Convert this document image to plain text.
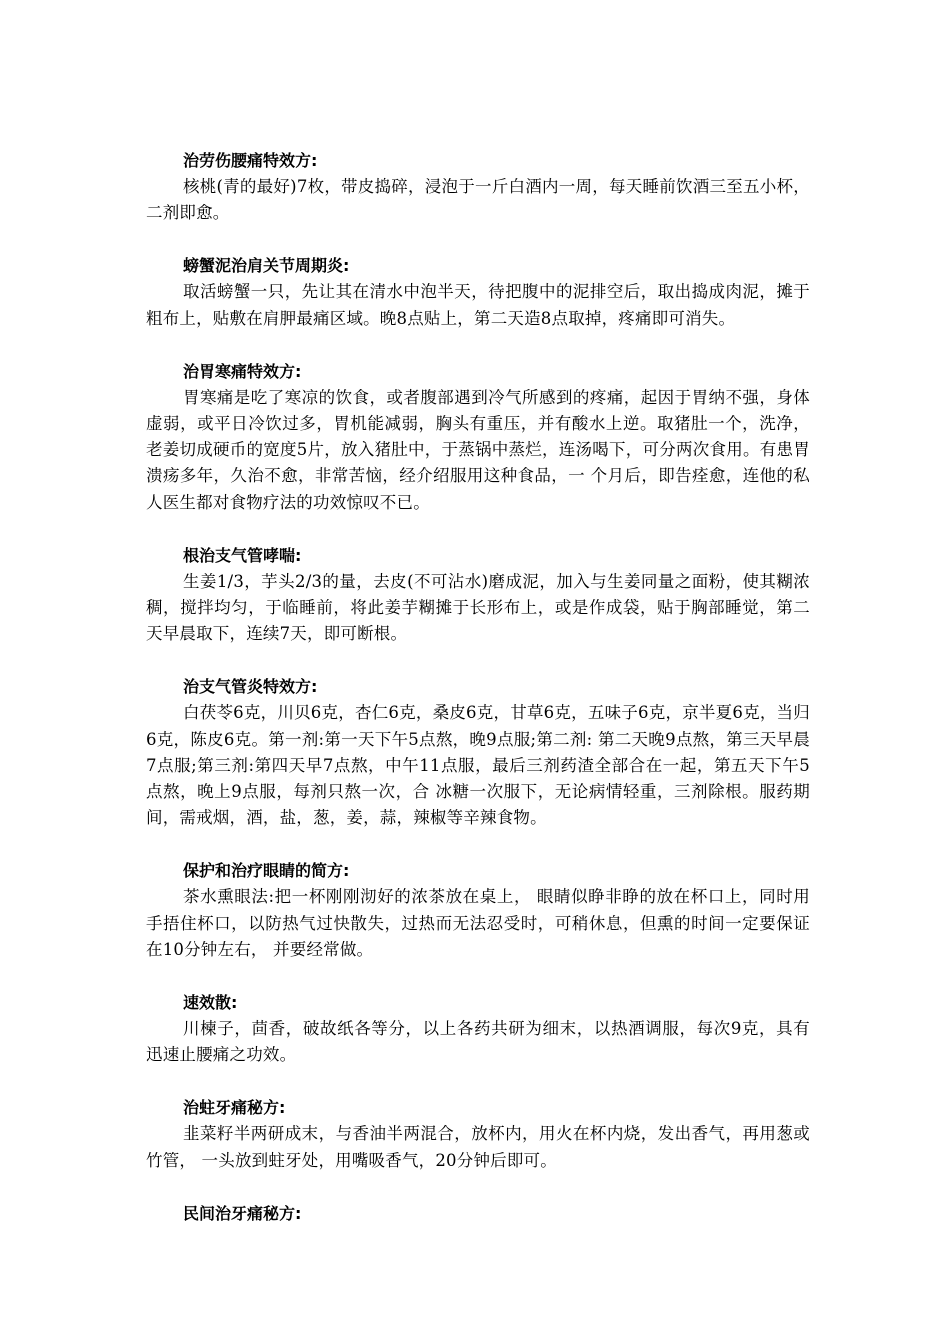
治劳伤腰痛特效方:

核桃(青的最好)7枚，带皮捣碎，浸泡于一斤白酒内一周，每天睡前饮酒三至五小杯，二剂即愈。

螃蟹泥治肩关节周期炎:

取活螃蟹一只，先让其在清水中泡半天，待把腹中的泥排空后，取出捣成肉泥，摊于粗布上，贴敷在肩胛最痛区域。晚8点贴上，第二天造8点取掉，疼痛即可消失。

治胃寒痛特效方:

胃寒痛是吃了寒凉的饮食，或者腹部遇到冷气所感到的疼痛，起因于胃纳不强，身体虚弱，或平日冷饮过多，胃机能减弱，胸头有重压，并有酸水上逆。取猪肚一个，洗净，老姜切成硬币的宽度5片，放入猪肚中，于蒸锅中蒸烂，连汤喝下，可分两次食用。有患胃溃疡多年，久治不愈，非常苦恼，经介绍服用这种食品，一 个月后，即告痊愈，连他的私人医生都对食物疗法的功效惊叹不已。

根治支气管哮喘:

生姜1/3，芋头2/3的量，去皮(不可沾水)磨成泥，加入与生姜同量之面粉，使其糊浓稠，搅拌均匀，于临睡前，将此姜芋糊摊于长形布上，或是作成袋，贴于胸部睡觉，第二天早晨取下，连续7天，即可断根。

治支气管炎特效方:

白茯苓6克，川贝6克，杏仁6克，桑皮6克，甘草6克，五味子6克，京半夏6克，当归6克，陈皮6克。第一剂:第一天下午5点熬，晚9点服;第二剂: 第二天晚9点熬，第三天早晨7点服;第三剂:第四天早7点熬，中午11点服，最后三剂药渣全部合在一起，第五天下午5点熬，晚上9点服，每剂只熬一次，合 冰糖一次服下，无论病情轻重，三剂除根。服药期间，需戒烟，酒，盐，葱，姜，蒜，辣椒等辛辣食物。

保护和治疗眼睛的简方:

茶水熏眼法:把一杯刚刚沏好的浓茶放在桌上， 眼睛似睁非睁的放在杯口上，同时用手捂住杯口，以防热气过快散失，过热而无法忍受时，可稍休息，但熏的时间一定要保证在10分钟左右， 并要经常做。

速效散:

川楝子，茴香，破故纸各等分，以上各药共研为细末，以热酒调服，每次9克，具有迅速止腰痛之功效。

治蛀牙痛秘方:

韭菜籽半两研成末，与香油半两混合，放杯内，用火在杯内烧，发出香气，再用葱或竹管， 一头放到蛀牙处，用嘴吸香气，20分钟后即可。

民间治牙痛秘方:
